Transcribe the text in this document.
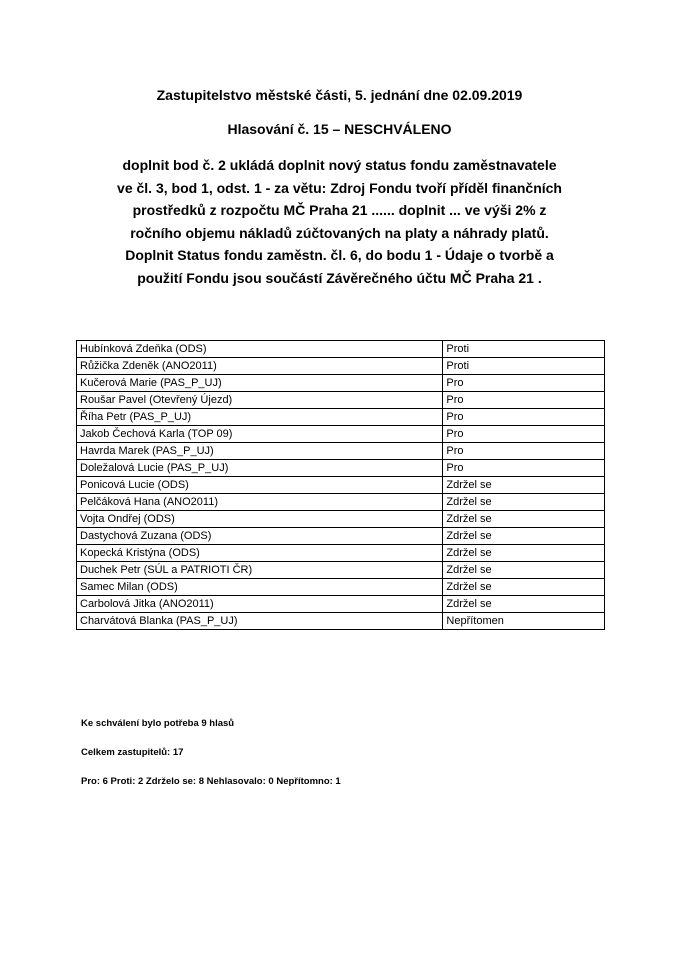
Zastupitelstvo městské části, 5. jednání dne 02.09.2019
Hlasování č. 15 – NESCHVÁLENO
doplnit bod č. 2 ukládá doplnit nový status fondu zaměstnavatele
ve čl. 3, bod 1, odst. 1 - za větu: Zdroj Fondu tvoří příděl finančních
prostředků z rozpočtu MČ Praha 21 ...... doplnit ... ve výši 2% z
ročního objemu nákladů zúčtovaných na platy a náhrady platů.
Doplnit Status fondu zaměstn. čl. 6, do bodu 1 - Údaje o tvorbě a
použití Fondu jsou součástí Závěrečného účtu MČ Praha 21 .
Hubínková Zdeňka (ODS)	Proti
Růžička Zdeněk (ANO2011)	Proti
Kučerová Marie (PAS_P_UJ)	Pro
Roušar Pavel (Otevřený Újezd)	Pro
Říha Petr (PAS_P_UJ)	Pro
Jakob Čechová Karla (TOP 09)	Pro
Havrda Marek (PAS_P_UJ)	Pro
Doležalová Lucie (PAS_P_UJ)	Pro
Ponicová Lucie (ODS)	Zdržel se
Pelčáková Hana (ANO2011)	Zdržel se
Vojta Ondřej (ODS)	Zdržel se
Dastychová Zuzana (ODS)	Zdržel se
Kopecká Kristýna (ODS)	Zdržel se
Duchek Petr (SÚL a PATRIOTI ČR)	Zdržel se
Samec Milan (ODS)	Zdržel se
Carbolová Jitka (ANO2011)	Zdržel se
Charvátová Blanka (PAS_P_UJ)	Nepřítomen
Ke schválení bylo potřeba 9 hlasů
Celkem zastupitelů: 17
Pro: 6 Proti: 2 Zdrželo se: 8 Nehlasovalo: 0 Nepřítomno: 1
